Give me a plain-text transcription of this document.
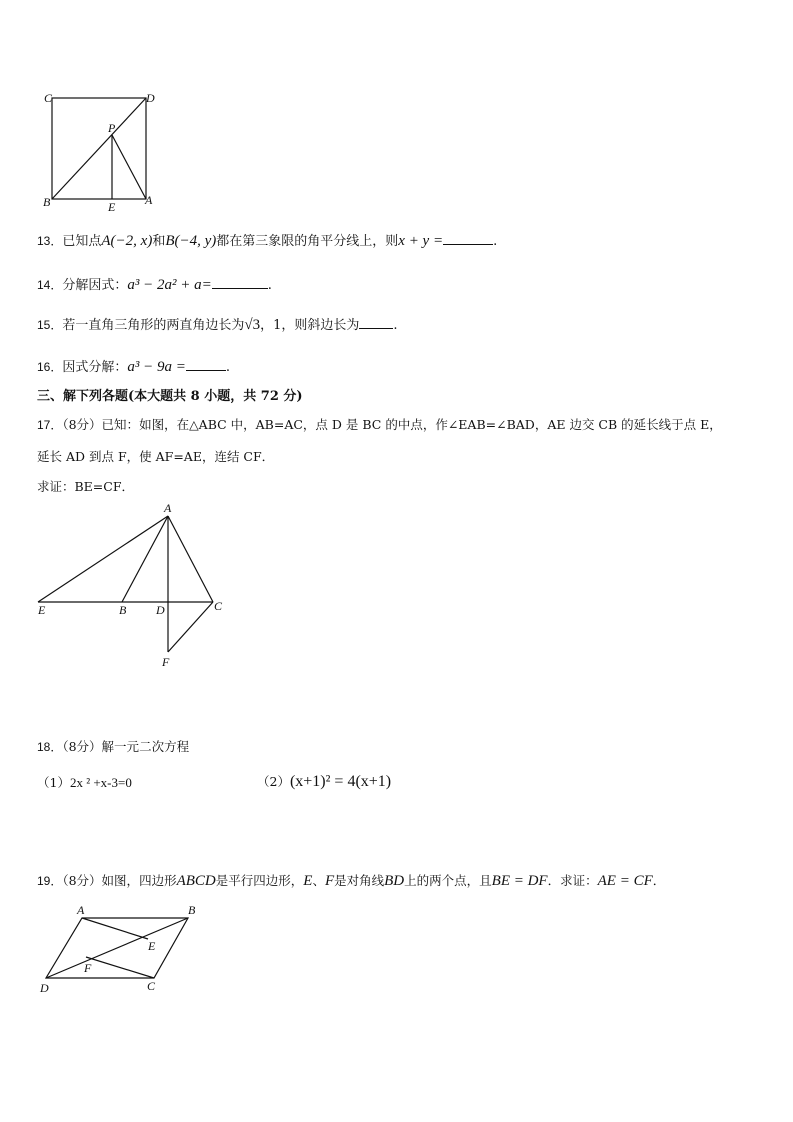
C	D
P
B	E A
13．已知点A(−2, x)和B(−4, y)都在第三象限的角平分线上，则x + y =	.
14．分解因式：a³ − 2a² + a=	.
15．若一直角三角形的两直角边长为√3，1，则斜边长为	.
16．因式分解：a³ − 9a =	.
三、解下列各题(本大题共 8 小题，共 72 分)
17．（8分）已知：如图，在△ABC 中，AB=AC，点 D 是 BC 的中点，作∠EAB=∠BAD，AE 边交 CB 的延长线于点 E，
延长 AD 到点 F，使 AF=AE，连结 CF．
求证：BE=CF．
A
E	B D	C
F
18．（8分）解一元二次方程
（1）2x ² +x-3=0	（2）(x+1)² = 4(x+1)
19．（8分）如图，四边形ABCD是平行四边形，E、F是对角线BD上的两个点，且BE = DF．求证：AE = CF．
A	B
E
F
D	C
